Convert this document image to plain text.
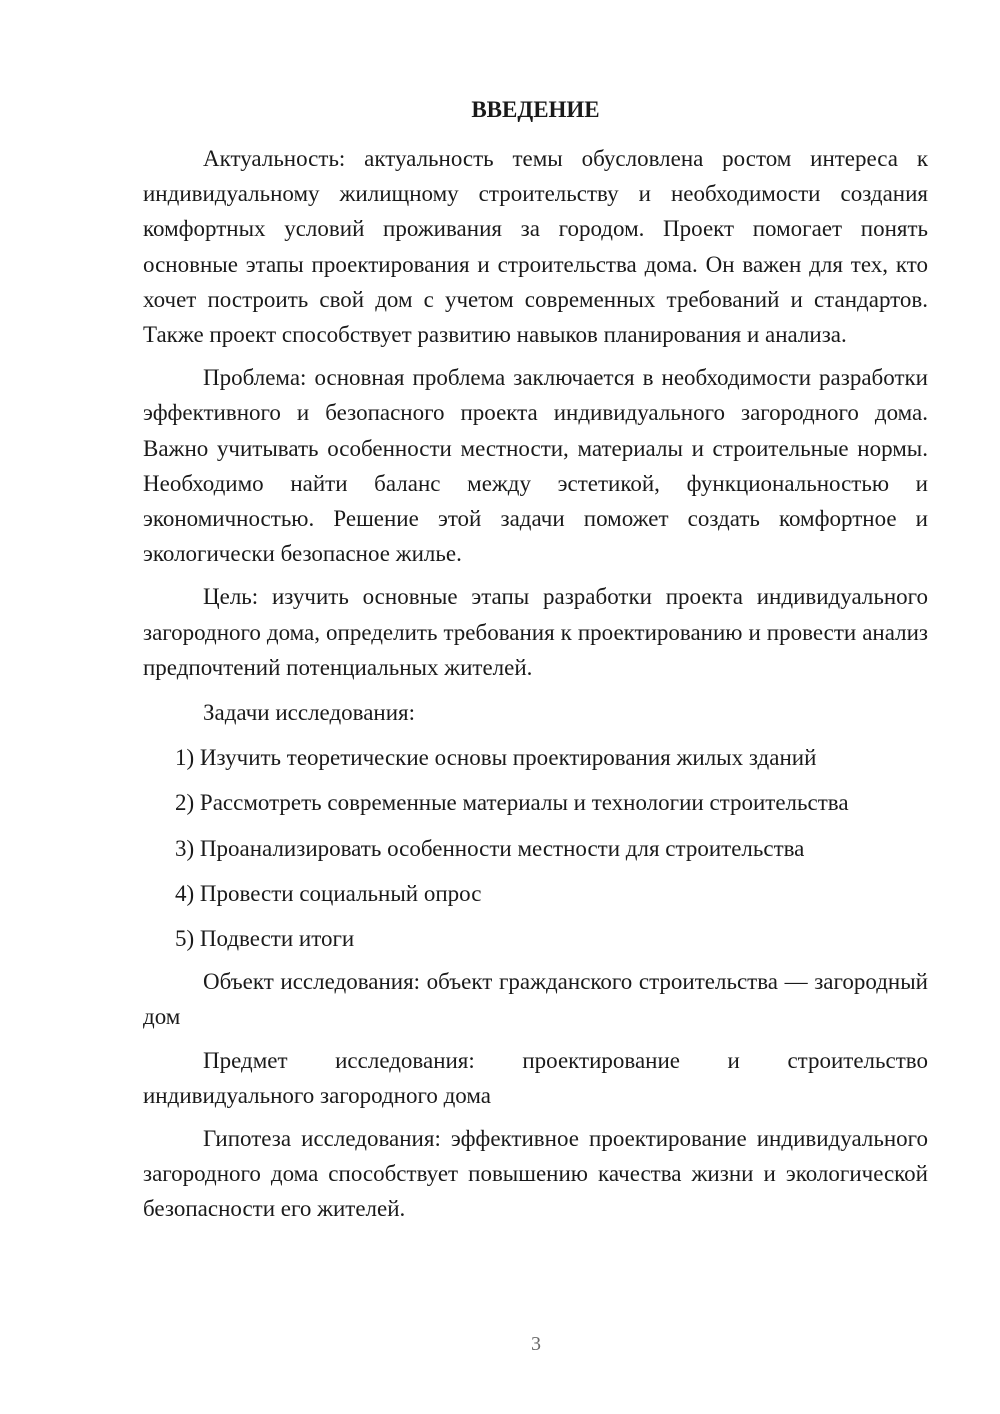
ВВЕДЕНИЕ

Актуальность: актуальность темы обусловлена ростом интереса к индивидуальному жилищному строительству и необходимости создания комфортных условий проживания за городом. Проект помогает понять основные этапы проектирования и строительства дома. Он важен для тех, кто хочет построить свой дом с учетом современных требований и стандартов. Также проект способствует развитию навыков планирования и анализа.

Проблема: основная проблема заключается в необходимости разработки эффективного и безопасного проекта индивидуального загородного дома. Важно учитывать особенности местности, материалы и строительные нормы. Необходимо найти баланс между эстетикой, функциональностью и экономичностью. Решение этой задачи поможет создать комфортное и экологически безопасное жилье.

Цель: изучить основные этапы разработки проекта индивидуального загородного дома, определить требования к проектированию и провести анализ предпочтений потенциальных жителей.

Задачи исследования:

1) Изучить теоретические основы проектирования жилых зданий
2) Рассмотреть современные материалы и технологии строительства
3) Проанализировать особенности местности для строительства
4) Провести социальный опрос
5) Подвести итоги

Объект исследования: объект гражданского строительства — загородный дом

Предмет исследования: проектирование и строительство индивидуального загородного дома

Гипотеза исследования: эффективное проектирование индивидуального загородного дома способствует повышению качества жизни и экологической безопасности его жителей.

3
